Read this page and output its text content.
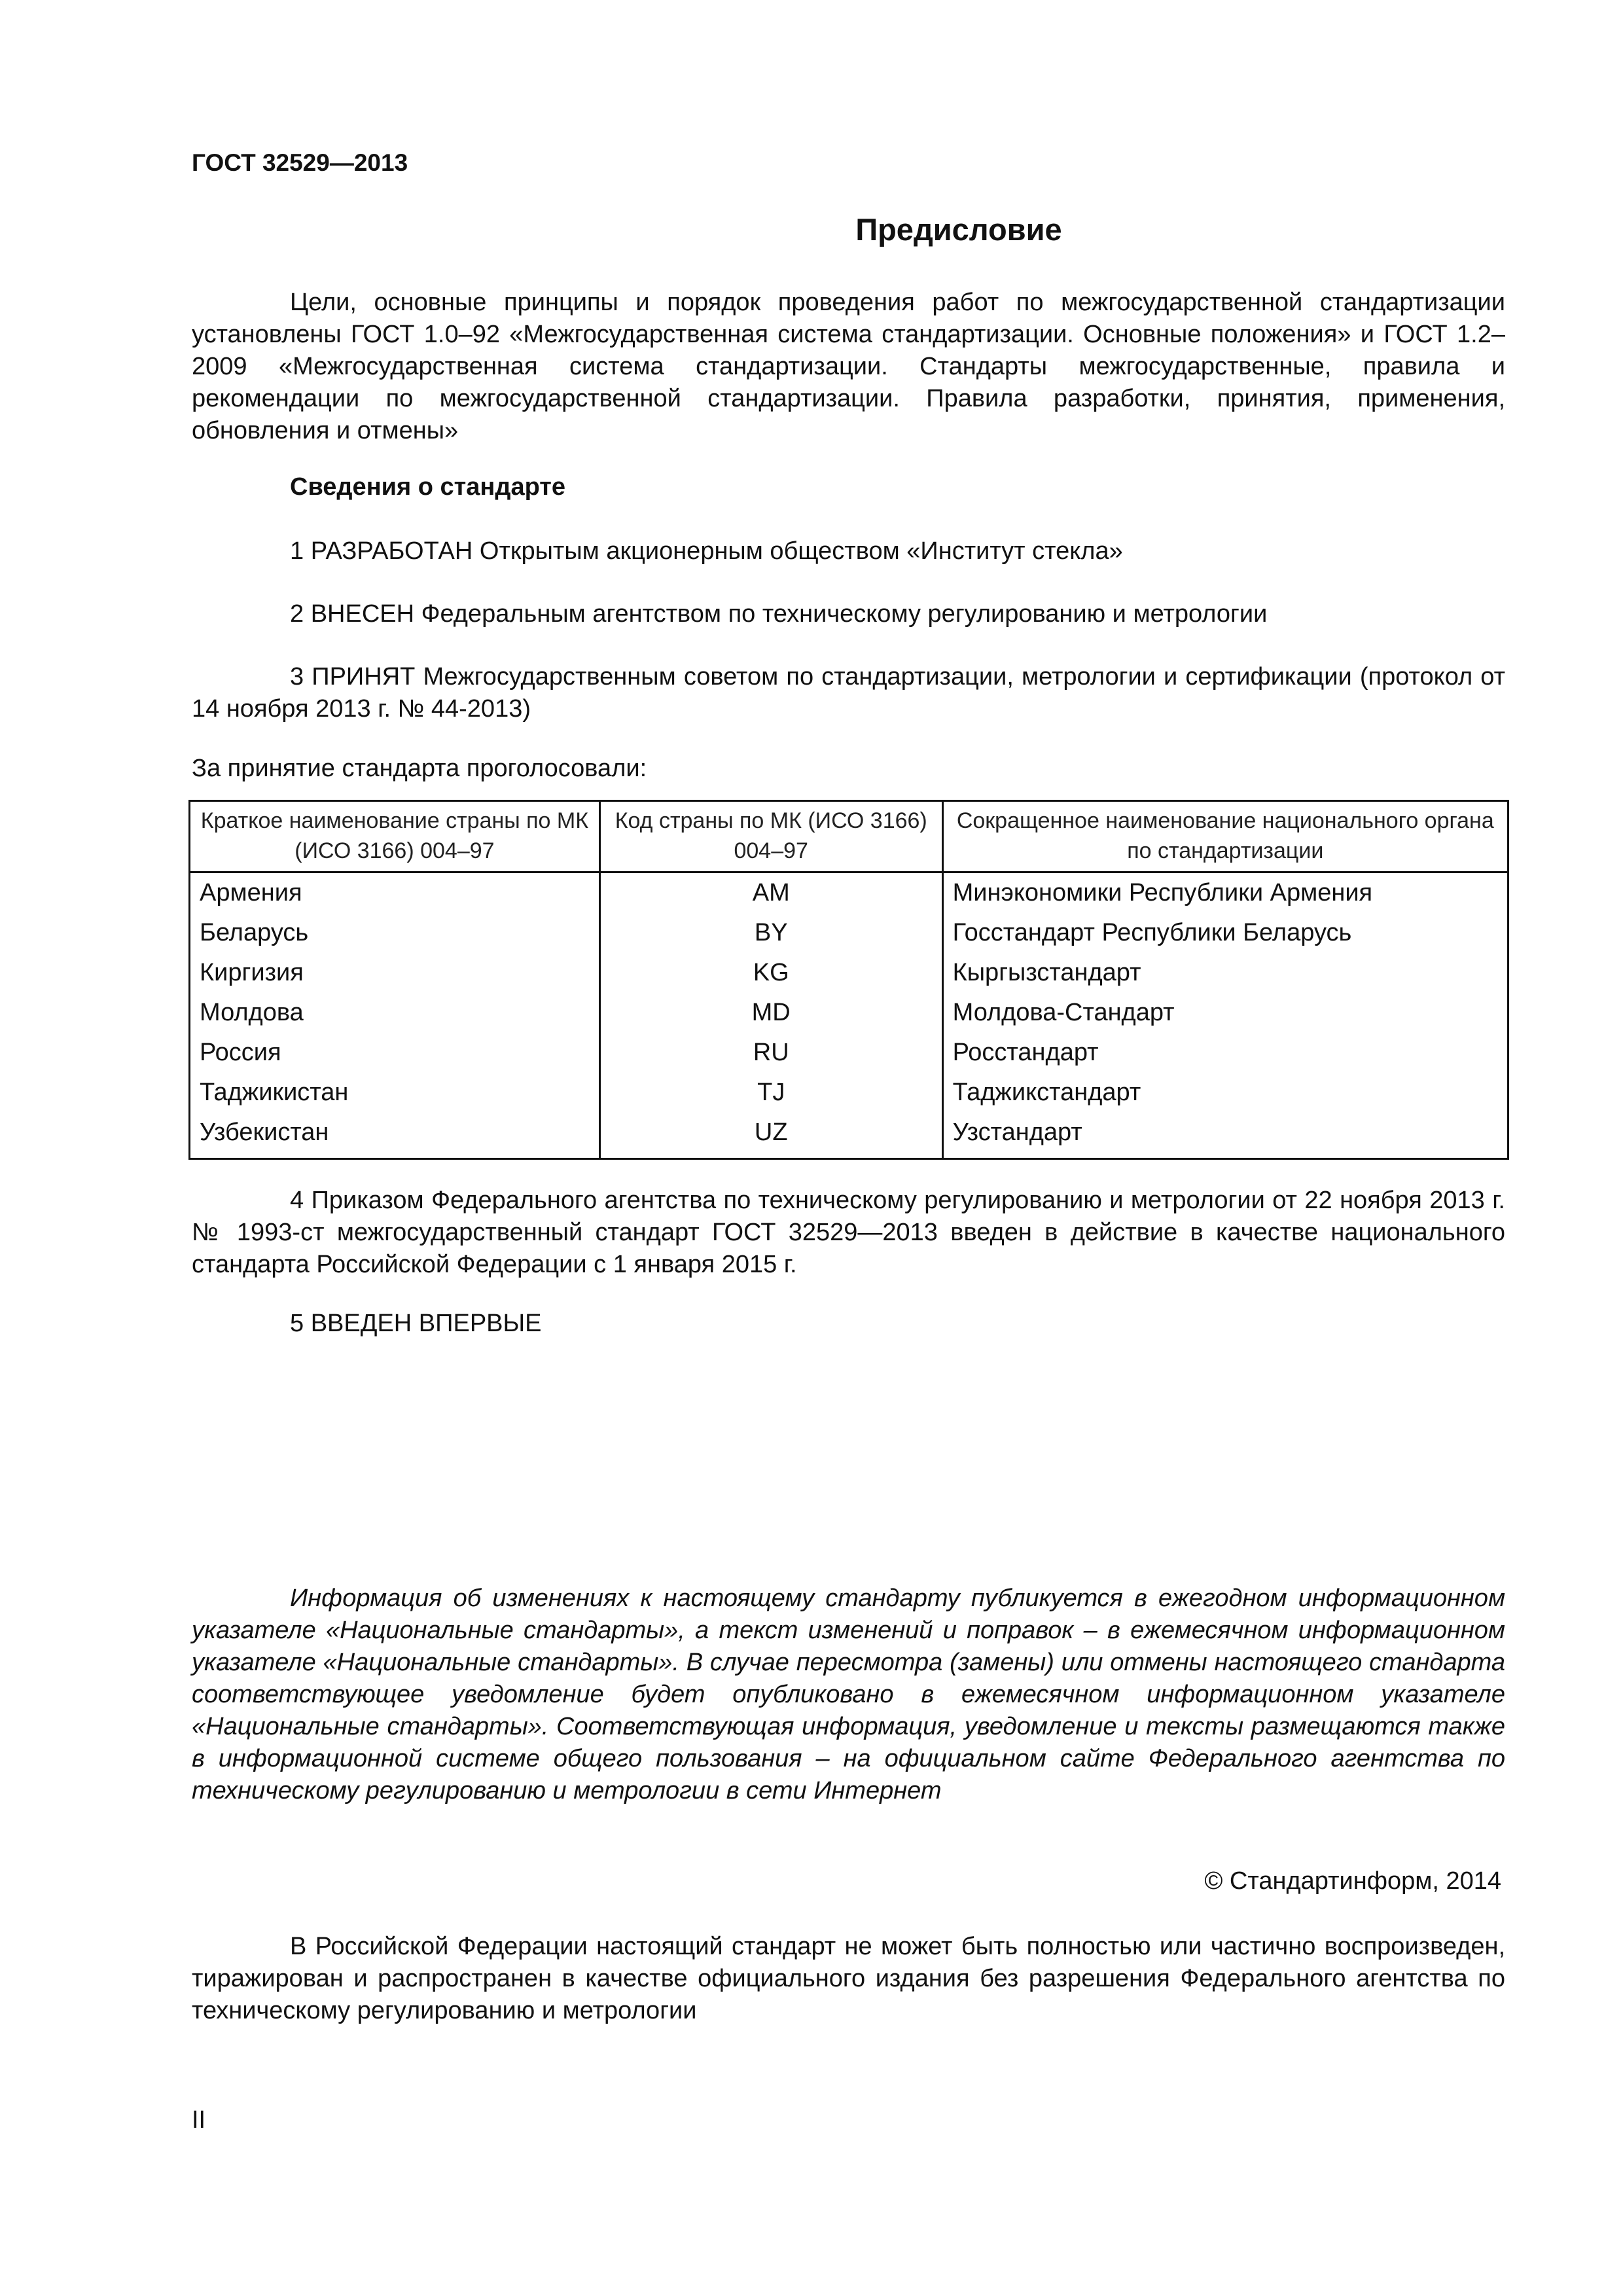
ГОСТ 32529—2013
Предисловие
Цели, основные принципы и порядок проведения работ по межгосударственной стандартизации установлены ГОСТ 1.0–92 «Межгосударственная система стандартизации. Основные положения» и ГОСТ 1.2–2009 «Межгосударственная система стандартизации. Стандарты межгосударственные, правила и рекомендации по межгосударственной стандартизации. Правила разработки, принятия, применения, обновления и отмены»
Сведения о стандарте
1 РАЗРАБОТАН Открытым акционерным обществом «Институт стекла»
2 ВНЕСЕН Федеральным агентством по техническому регулированию и метрологии
3 ПРИНЯТ Межгосударственным советом по стандартизации, метрологии и сертификации (протокол от 14 ноября 2013 г. № 44-2013)
За принятие стандарта проголосовали:
Краткое наименование страны по МК (ИСО 3166) 004–97	Код страны по МК (ИСО 3166) 004–97	Сокращенное наименование национального органа по стандартизации
Армения	AM	Минэкономики Республики Армения
Беларусь	BY	Госстандарт Республики Беларусь
Киргизия	KG	Кыргызстандарт
Молдова	MD	Молдова-Стандарт
Россия	RU	Росстандарт
Таджикистан	TJ	Таджикстандарт
Узбекистан	UZ	Узстандарт
4 Приказом Федерального агентства по техническому регулированию и метрологии от 22 ноября 2013 г. № 1993-ст межгосударственный стандарт ГОСТ 32529—2013 введен в действие в качестве национального стандарта Российской Федерации с 1 января 2015 г.
5 ВВЕДЕН ВПЕРВЫЕ
Информация об изменениях к настоящему стандарту публикуется в ежегодном информационном указателе «Национальные стандарты», а текст изменений и поправок – в ежемесячном информационном указателе «Национальные стандарты». В случае пересмотра (замены) или отмены настоящего стандарта соответствующее уведомление будет опубликовано в ежемесячном информационном указателе «Национальные стандарты». Соответствующая информация, уведомление и тексты размещаются также в информационной системе общего пользования – на официальном сайте Федерального агентства по техническому регулированию и метрологии в сети Интернет
© Стандартинформ, 2014
В Российской Федерации настоящий стандарт не может быть полностью или частично воспроизведен, тиражирован и распространен в качестве официального издания без разрешения Федерального агентства по техническому регулированию и метрологии
II
